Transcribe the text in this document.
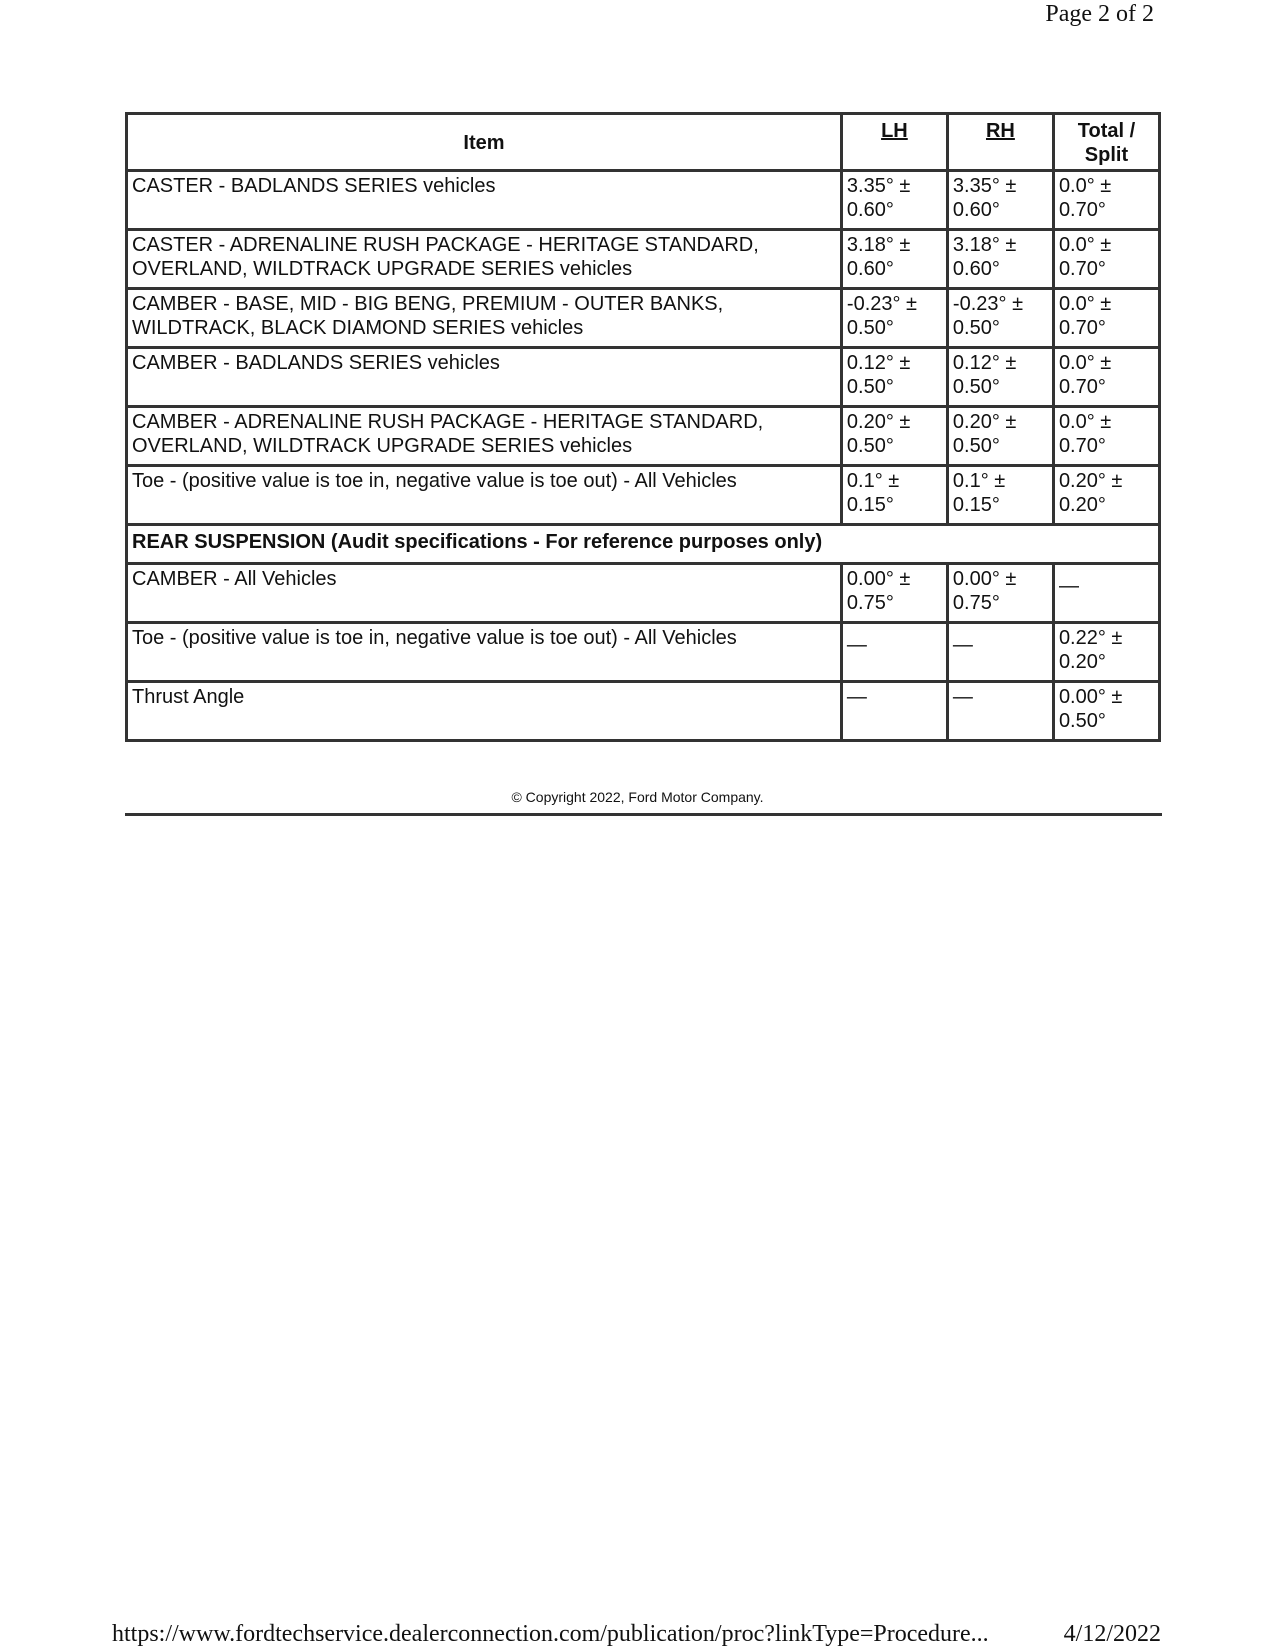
Page 2 of 2
Item	LH	RH	Total / Split
CASTER - BADLANDS SERIES vehicles	3.35° ± 0.60°	3.35° ± 0.60°	0.0° ± 0.70°
CASTER - ADRENALINE RUSH PACKAGE - HERITAGE STANDARD, OVERLAND, WILDTRACK UPGRADE SERIES vehicles	3.18° ± 0.60°	3.18° ± 0.60°	0.0° ± 0.70°
CAMBER - BASE, MID - BIG BENG, PREMIUM - OUTER BANKS, WILDTRACK, BLACK DIAMOND SERIES vehicles	-0.23° ± 0.50°	-0.23° ± 0.50°	0.0° ± 0.70°
CAMBER - BADLANDS SERIES vehicles	0.12° ± 0.50°	0.12° ± 0.50°	0.0° ± 0.70°
CAMBER - ADRENALINE RUSH PACKAGE - HERITAGE STANDARD, OVERLAND, WILDTRACK UPGRADE SERIES vehicles	0.20° ± 0.50°	0.20° ± 0.50°	0.0° ± 0.70°
Toe - (positive value is toe in, negative value is toe out) - All Vehicles	0.1° ± 0.15°	0.1° ± 0.15°	0.20° ± 0.20°
REAR SUSPENSION (Audit specifications - For reference purposes only)			
CAMBER - All Vehicles	0.00° ± 0.75°	0.00° ± 0.75°	—
Toe - (positive value is toe in, negative value is toe out) - All Vehicles	—	—	0.22° ± 0.20°
Thrust Angle	—	—	0.00° ± 0.50°
© Copyright 2022, Ford Motor Company.
https://www.fordtechservice.dealerconnection.com/publication/proc?linkType=Procedure...	4/12/2022
